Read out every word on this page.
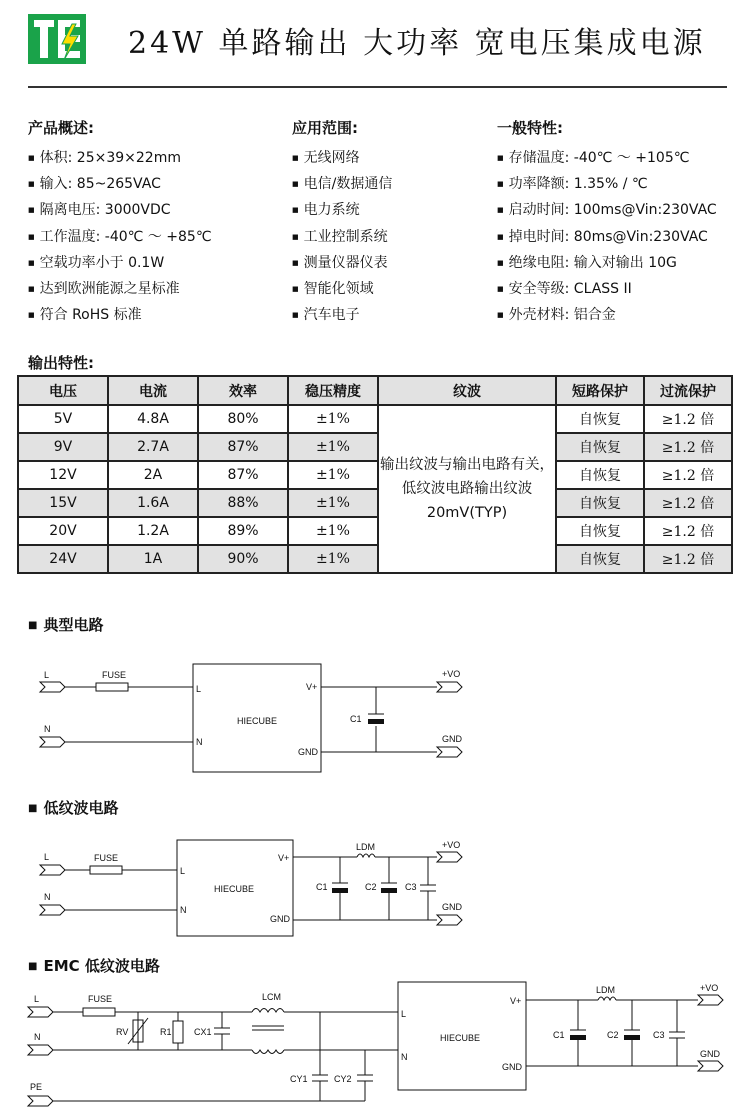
24W 单路输出 大功率 宽电压集成电源
产品概述:
■ 体积: 25×39×22mm
■ 输入: 85~265VAC
■ 隔离电压: 3000VDC
■ 工作温度: -40℃ ～ +85℃
■ 空载功率小于 0.1W
■ 达到欧洲能源之星标准
■ 符合 RoHS 标准
应用范围:
■ 无线网络
■ 电信/数据通信
■ 电力系统
■ 工业控制系统
■ 测量仪器仪表
■ 智能化领域
■ 汽车电子
一般特性:
■ 存储温度: -40℃ ～ +105℃
■ 功率降额: 1.35% / ℃
■ 启动时间: 100ms@Vin:230VAC
■ 掉电时间: 80ms@Vin:230VAC
■ 绝缘电阻: 输入对输出 10G
■ 安全等级: CLASS II
■ 外壳材料: 铝合金
输出特性:
电压	电流	效率	稳压精度	纹波	短路保护	过流保护
5V	4.8A	80%	±1%	输出纹波与输出电路有关，低纹波电路输出纹波 20mV(TYP)	自恢复	≥1.2 倍
9V	2.7A	87%	±1%		自恢复	≥1.2 倍
12V	2A	87%	±1%		自恢复	≥1.2 倍
15V	1.6A	88%	±1%		自恢复	≥1.2 倍
20V	1.2A	89%	±1%		自恢复	≥1.2 倍
24V	1A	90%	±1%		自恢复	≥1.2 倍
■ 典型电路
L
N
FUSE
L
N
HIECUBE
V+
GND
C1
+VO
GND
■ 低纹波电路
L
N
FUSE
L
N
HIECUBE
V+
GND
LDM
C1	C2	C3
+VO
GND
■ EMC 低纹波电路
L
N
PE
FUSE
RV	R1 CX1
LCM
CY1	CY2
L
N
HIECUBE
V+
GND
LDM
C1	C2	C3
+VO
GND
